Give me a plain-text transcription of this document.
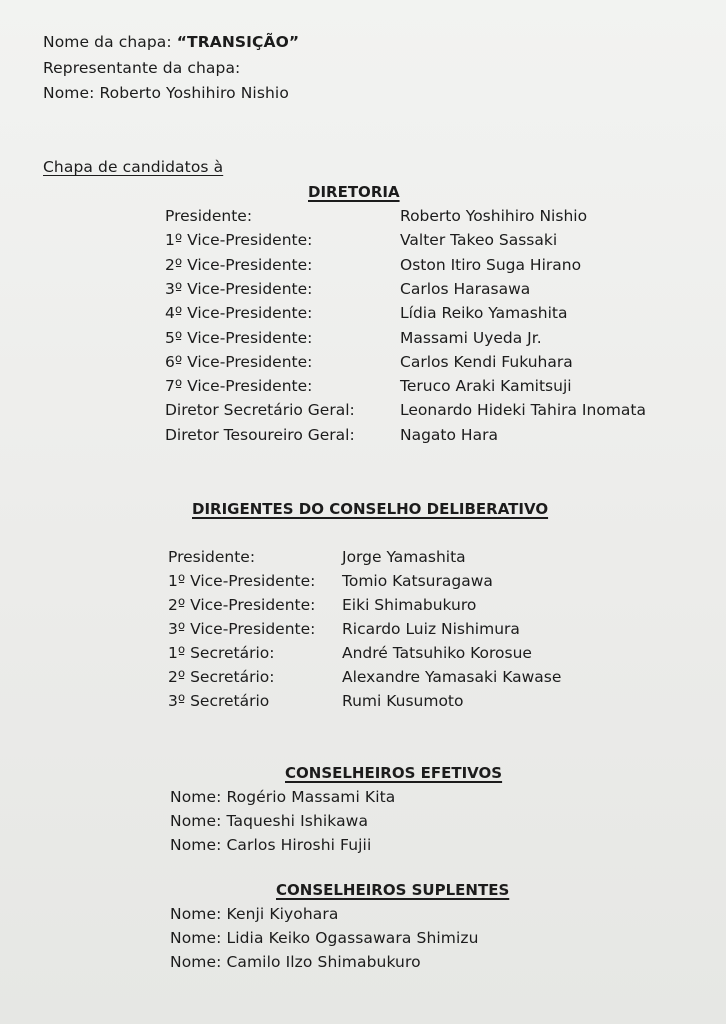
Nome da chapa: “TRANSIÇÃO”
Representante da chapa:
Nome: Roberto Yoshihiro Nishio
Chapa de candidatos à
DIRETORIA
Presidente:	Roberto Yoshihiro Nishio
1º Vice-Presidente:	Valter Takeo Sassaki
2º Vice-Presidente:	Oston Itiro Suga Hirano
3º Vice-Presidente:	Carlos Harasawa
4º Vice-Presidente:	Lídia Reiko Yamashita
5º Vice-Presidente:	Massami Uyeda Jr.
6º Vice-Presidente:	Carlos Kendi Fukuhara
7º Vice-Presidente:	Teruco Araki Kamitsuji
Diretor Secretário Geral:	Leonardo Hideki Tahira Inomata
Diretor Tesoureiro Geral:	Nagato Hara
DIRIGENTES DO CONSELHO DELIBERATIVO
Presidente:	Jorge Yamashita
1º Vice-Presidente: Tomio Katsuragawa
2º Vice-Presidente: Eiki Shimabukuro
3º Vice-Presidente: Ricardo Luiz Nishimura
1º Secretário:	André Tatsuhiko Korosue
2º Secretário:	Alexandre Yamasaki Kawase
3º Secretário	Rumi Kusumoto
CONSELHEIROS EFETIVOS
Nome: Rogério Massami Kita
Nome: Taqueshi Ishikawa
Nome: Carlos Hiroshi Fujii
CONSELHEIROS SUPLENTES
Nome: Kenji Kiyohara
Nome: Lidia Keiko Ogassawara Shimizu
Nome: Camilo Ilzo Shimabukuro
